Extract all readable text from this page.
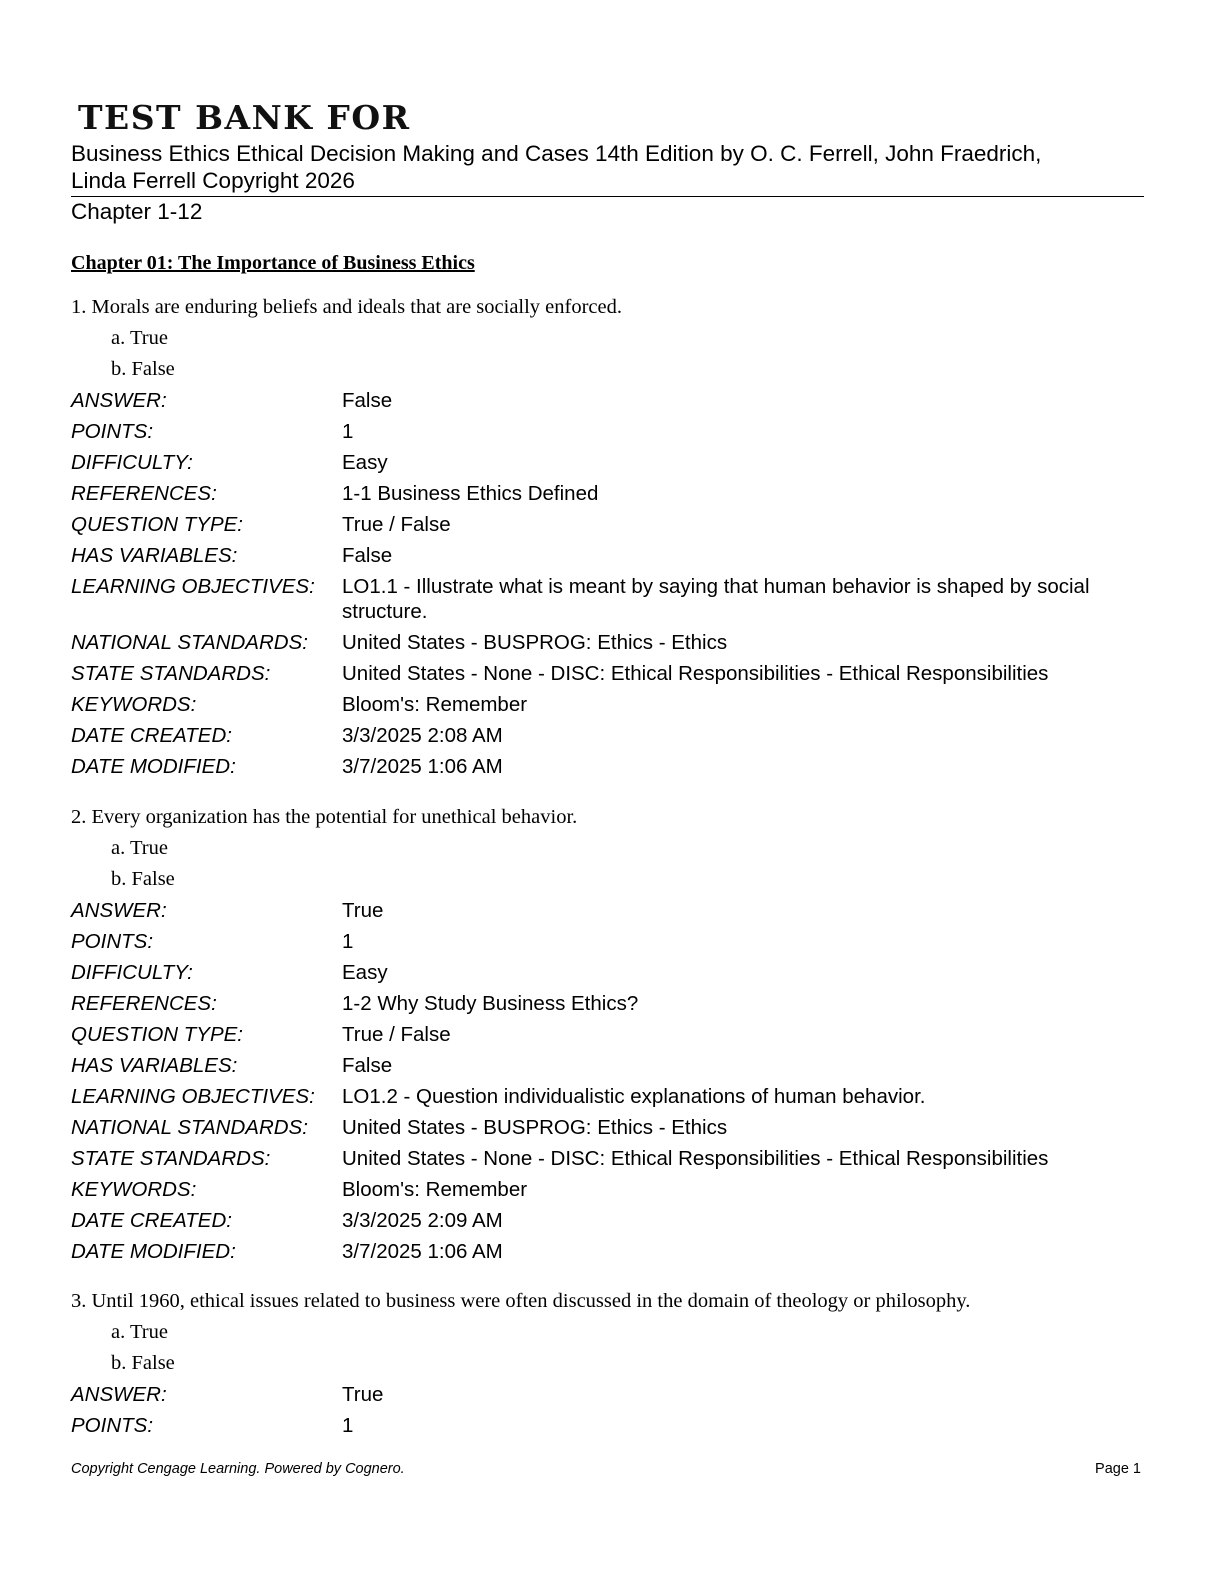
TEST BANK FOR
Business Ethics Ethical Decision Making and Cases 14th Edition by O. C. Ferrell, John Fraedrich,
Linda Ferrell Copyright 2026
Chapter 1-12
Chapter 01: The Importance of Business Ethics
1. Morals are enduring beliefs and ideals that are socially enforced.
a. True
b. False
ANSWER:	False
POINTS:	1
DIFFICULTY:	Easy
REFERENCES:	1-1 Business Ethics Defined
QUESTION TYPE:	True / False
HAS VARIABLES:	False
LEARNING OBJECTIVES:	LO1.1 - Illustrate what is meant by saying that human behavior is shaped by social structure.
NATIONAL STANDARDS:	United States - BUSPROG: Ethics - Ethics
STATE STANDARDS:	United States - None - DISC: Ethical Responsibilities - Ethical Responsibilities
KEYWORDS:	Bloom's: Remember
DATE CREATED:	3/3/2025 2:08 AM
DATE MODIFIED:	3/7/2025 1:06 AM
2. Every organization has the potential for unethical behavior.
a. True
b. False
ANSWER:	True
POINTS:	1
DIFFICULTY:	Easy
REFERENCES:	1-2 Why Study Business Ethics?
QUESTION TYPE:	True / False
HAS VARIABLES:	False
LEARNING OBJECTIVES:	LO1.2 - Question individualistic explanations of human behavior.
NATIONAL STANDARDS:	United States - BUSPROG: Ethics - Ethics
STATE STANDARDS:	United States - None - DISC: Ethical Responsibilities - Ethical Responsibilities
KEYWORDS:	Bloom's: Remember
DATE CREATED:	3/3/2025 2:09 AM
DATE MODIFIED:	3/7/2025 1:06 AM
3. Until 1960, ethical issues related to business were often discussed in the domain of theology or philosophy.
a. True
b. False
ANSWER:	True
POINTS:	1
Copyright Cengage Learning. Powered by Cognero.	Page 1
